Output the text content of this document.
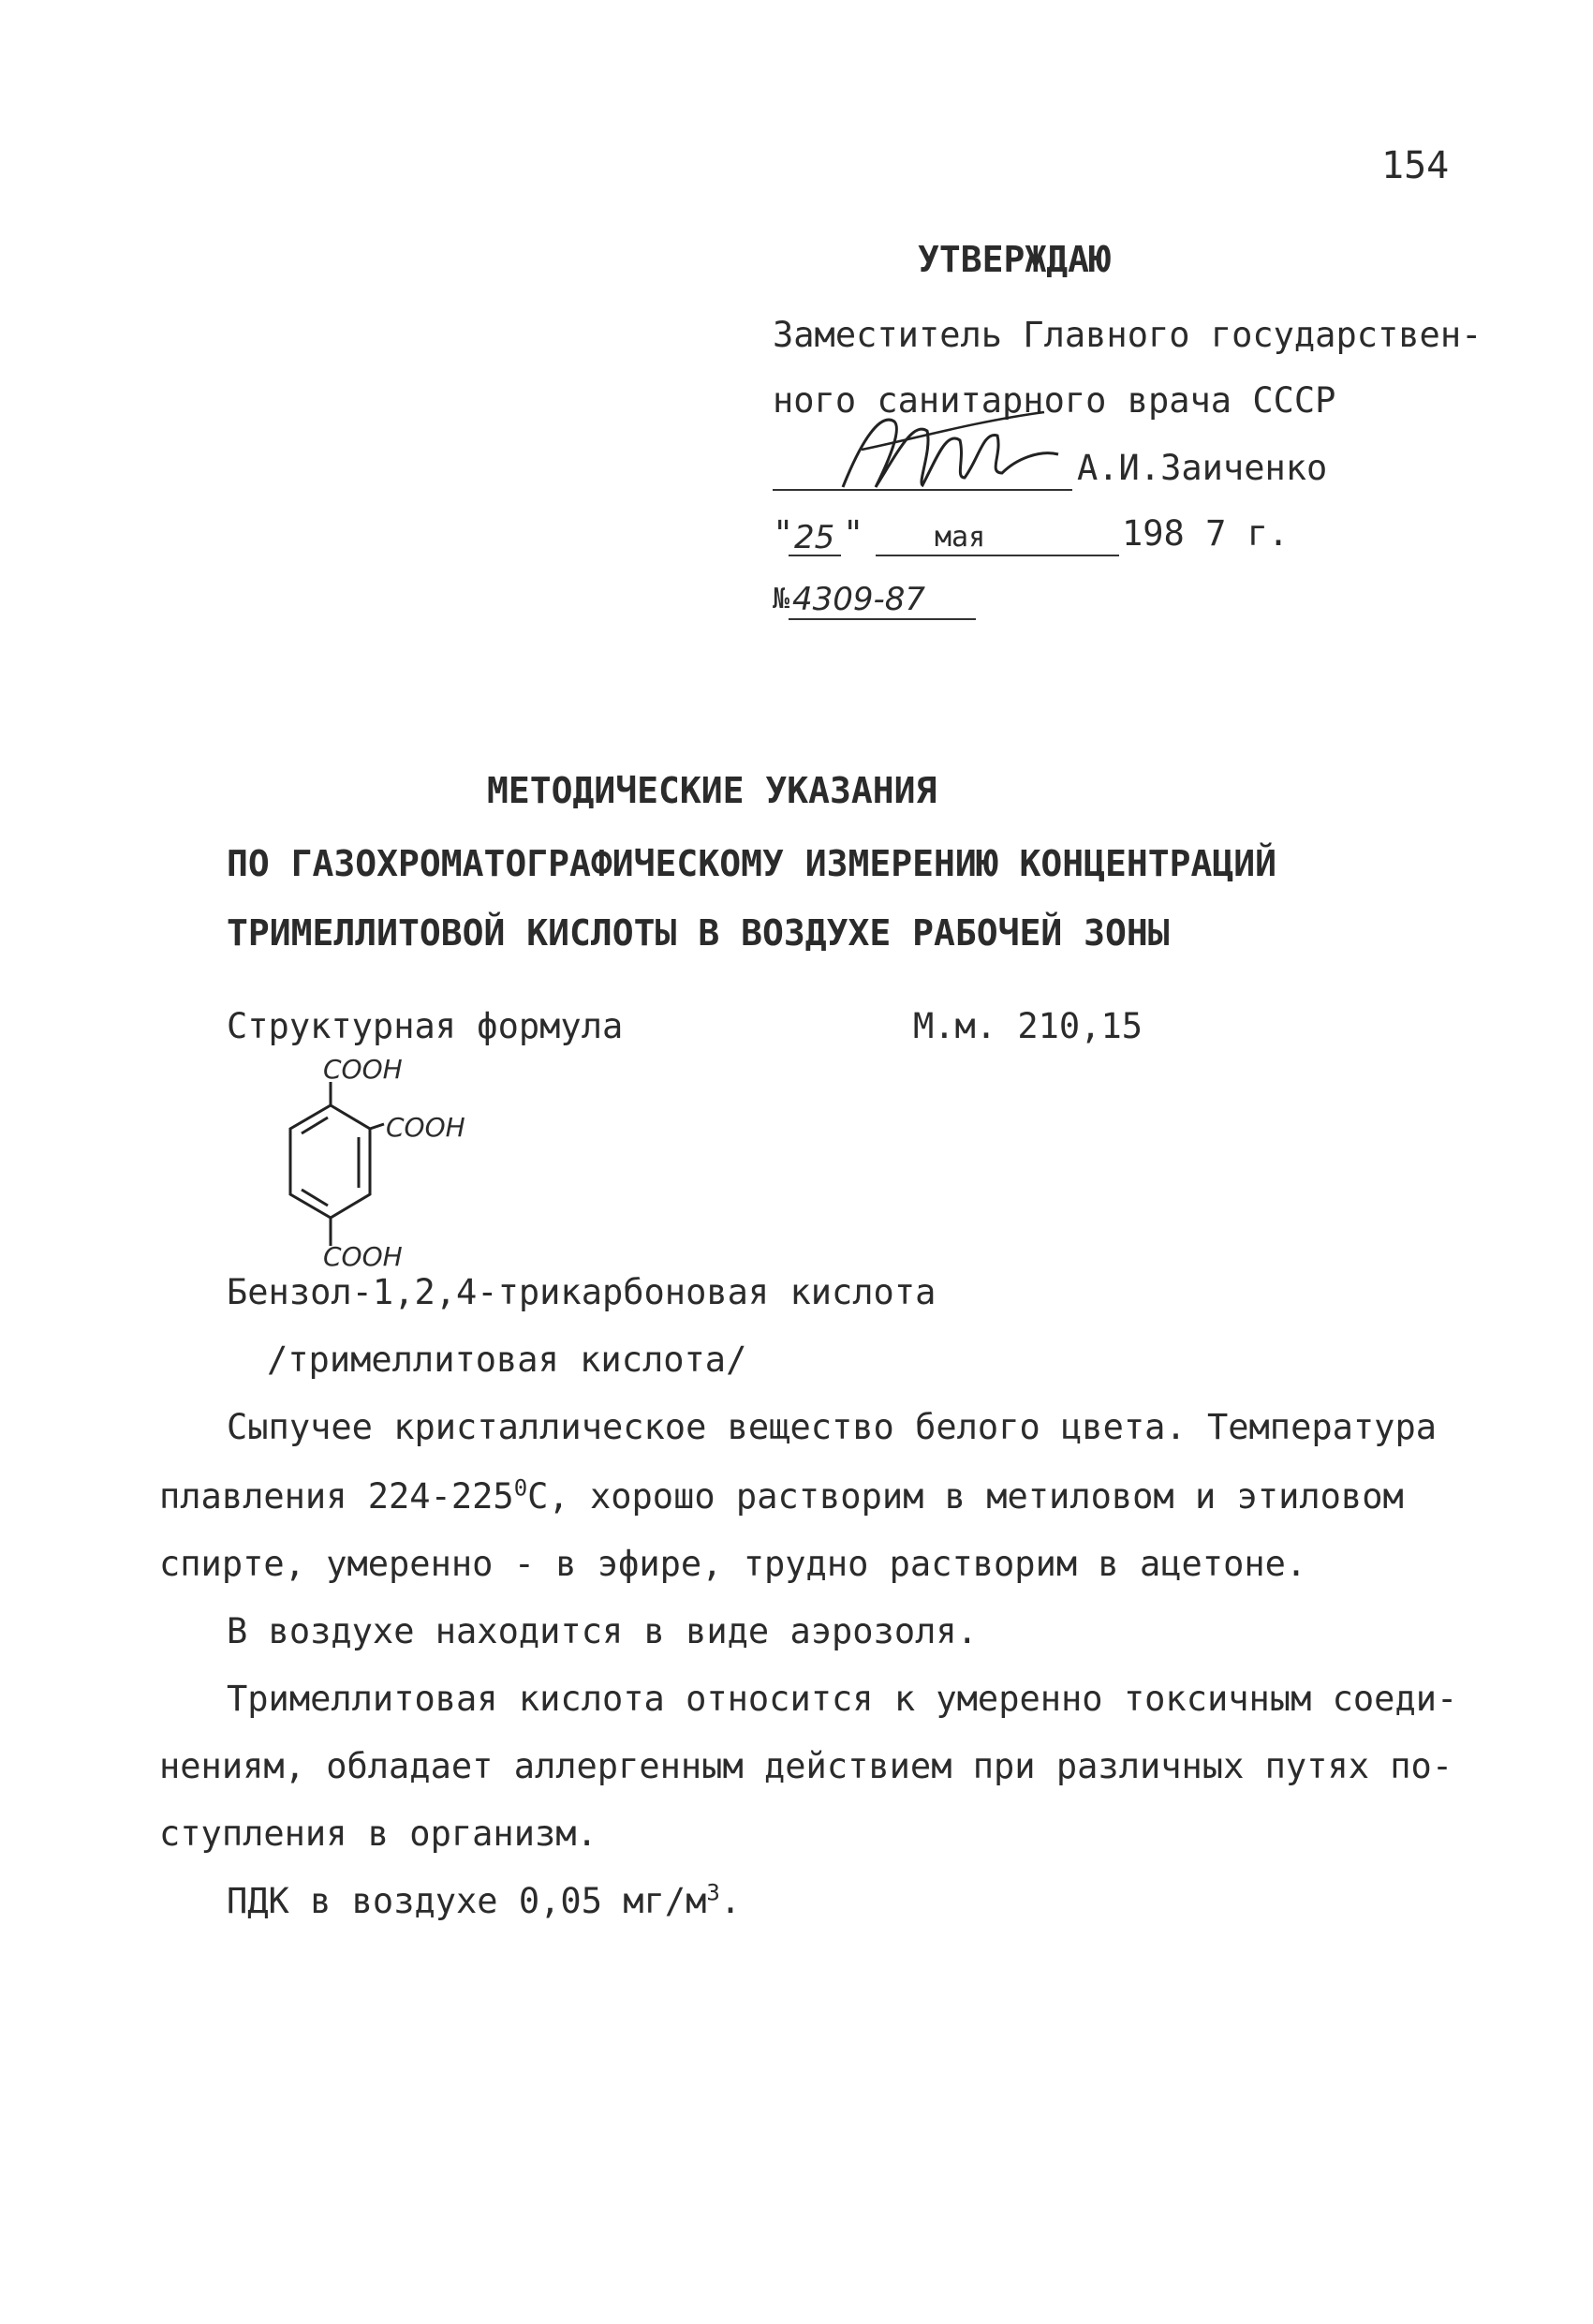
154
УТВЕРЖДАЮ
Заместитель Главного государствен-
ного санитарного врача СССР
А.И.Заиченко
" 25 "	мая	198 7 г.
№ 4309-87
МЕТОДИЧЕСКИЕ УКАЗАНИЯ
ПО ГАЗОХРОМАТОГРАФИЧЕСКОМУ ИЗМЕРЕНИЮ КОНЦЕНТРАЦИЙ
ТРИМЕЛЛИТОВОЙ КИСЛОТЫ В ВОЗДУХЕ РАБОЧЕЙ ЗОНЫ
Структурная формула	М.м. 210,15
COOH
COOH
COOH
Бензол-1,2,4-трикарбоновая кислота
/тримеллитовая кислота/
Сыпучее кристаллическое вещество белого цвета. Температура
плавления $224-225^0С$, хорошо растворим в метиловом и этиловом
спирте, умеренно - в эфире, трудно растворим в ацетоне.
В воздухе находится в виде аэрозоля.
Тримеллитовая кислота относится к умеренно токсичным соеди-
нениям, обладает аллергенным действием при различных путях по-
ступления в организм.
ПДК в воздухе 0,05 $мг/м^3$.
